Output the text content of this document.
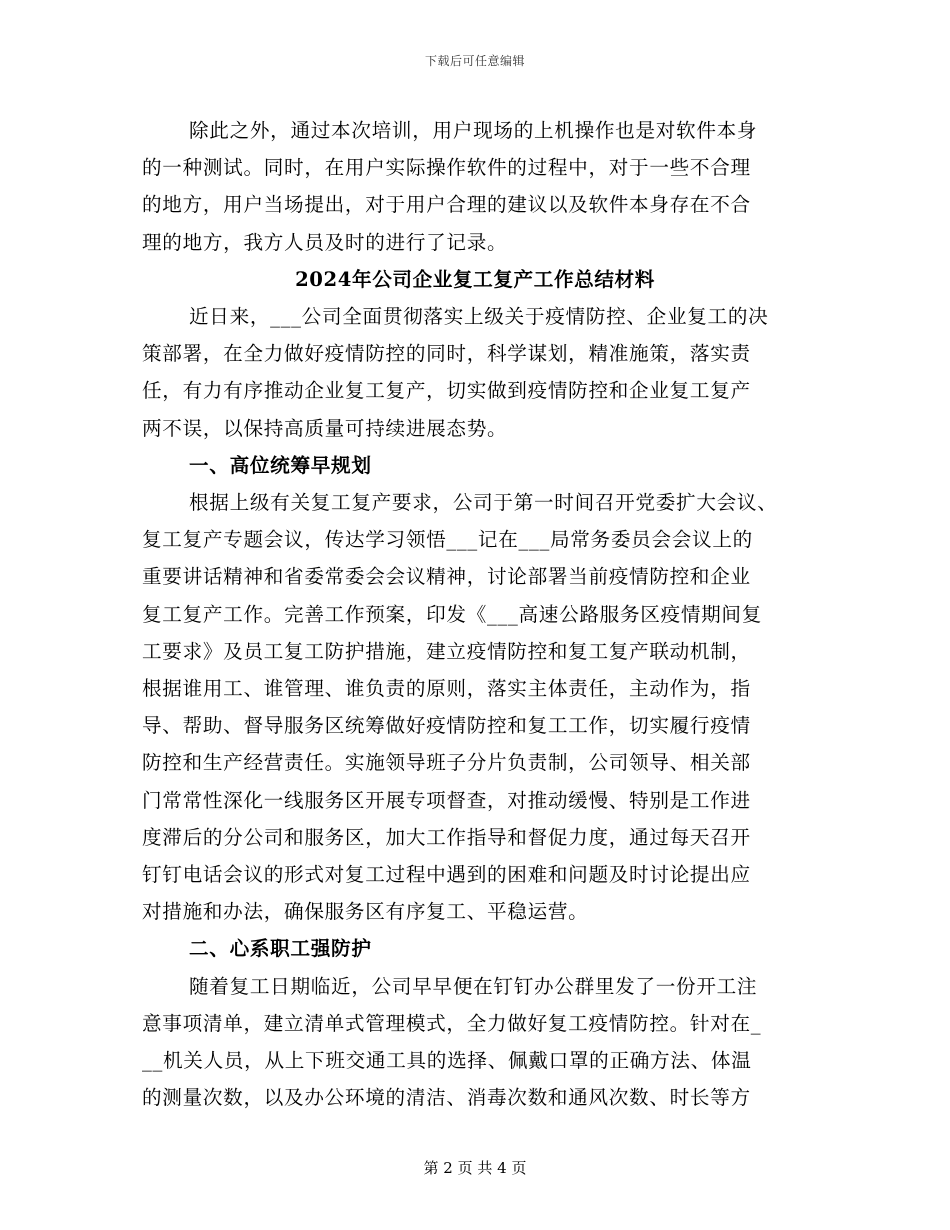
下载后可任意编辑
除此之外，通过本次培训，用户现场的上机操作也是对软件本身
的一种测试。同时，在用户实际操作软件的过程中，对于一些不合理
的地方，用户当场提出，对于用户合理的建议以及软件本身存在不合
理的地方，我方人员及时的进行了记录。
2024年公司企业复工复产工作总结材料
近日来，___公司全面贯彻落实上级关于疫情防控、企业复工的决
策部署，在全力做好疫情防控的同时，科学谋划，精准施策，落实责
任，有力有序推动企业复工复产，切实做到疫情防控和企业复工复产
两不误，以保持高质量可持续进展态势。
一、高位统筹早规划
根据上级有关复工复产要求，公司于第一时间召开党委扩大会议、
复工复产专题会议，传达学习领悟___记在___局常务委员会会议上的
重要讲话精神和省委常委会会议精神，讨论部署当前疫情防控和企业
复工复产工作。完善工作预案，印发《___高速公路服务区疫情期间复
工要求》及员工复工防护措施，建立疫情防控和复工复产联动机制，
根据谁用工、谁管理、谁负责的原则，落实主体责任，主动作为，指
导、帮助、督导服务区统筹做好疫情防控和复工工作，切实履行疫情
防控和生产经营责任。实施领导班子分片负责制，公司领导、相关部
门常常性深化一线服务区开展专项督查，对推动缓慢、特别是工作进
度滞后的分公司和服务区，加大工作指导和督促力度，通过每天召开
钉钉电话会议的形式对复工过程中遇到的困难和问题及时讨论提出应
对措施和办法，确保服务区有序复工、平稳运营。
二、心系职工强防护
随着复工日期临近，公司早早便在钉钉办公群里发了一份开工注
意事项清单，建立清单式管理模式，全力做好复工疫情防控。针对在_
__机关人员，从上下班交通工具的选择、佩戴口罩的正确方法、体温
的测量次数，以及办公环境的清洁、消毒次数和通风次数、时长等方
第 2 页 共 4 页
